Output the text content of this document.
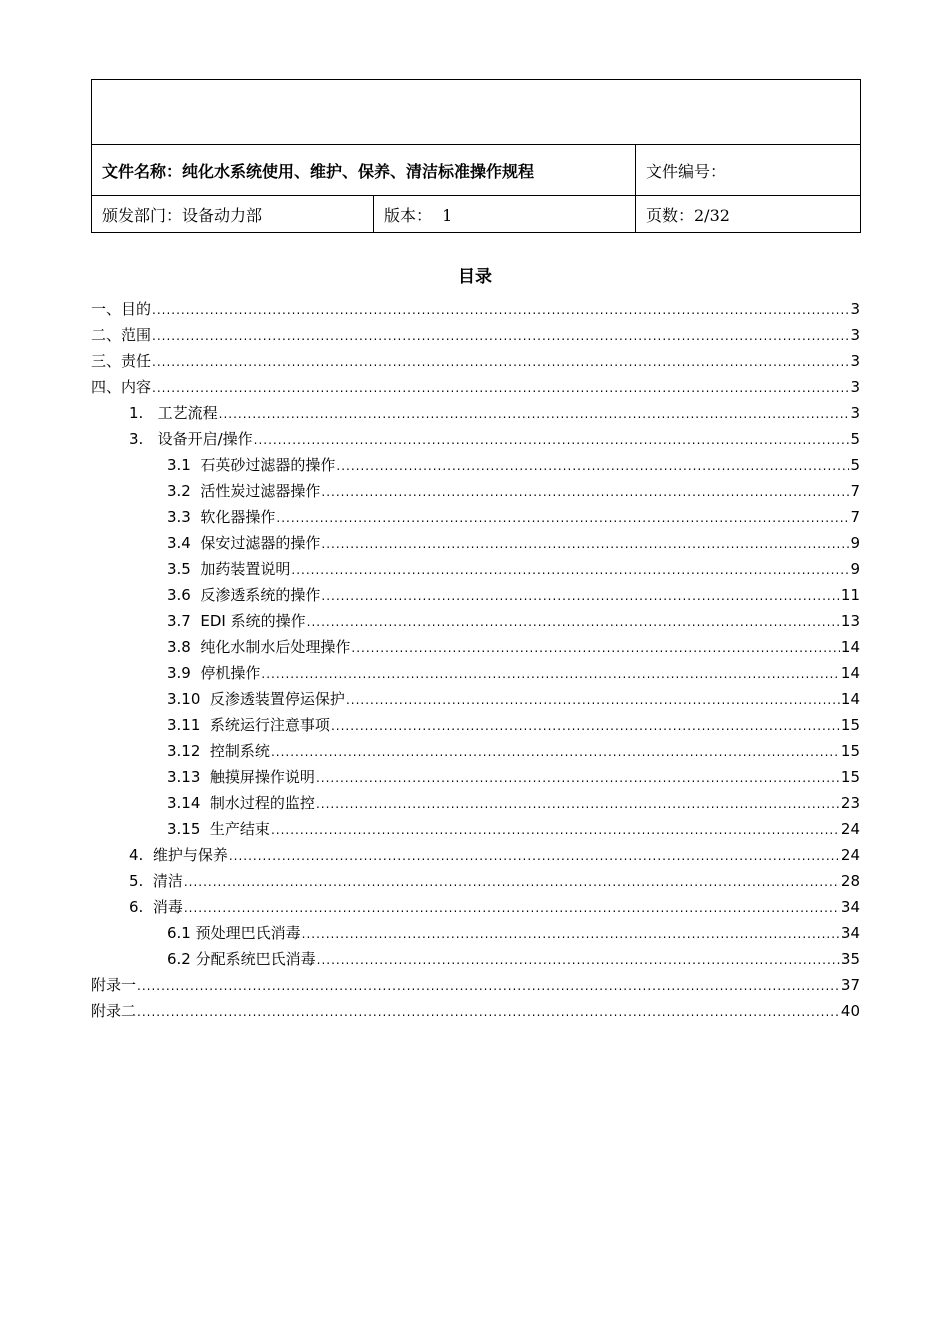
文件名称：纯化水系统使用、维护、保养、清洁标准操作规程		文件编号：
颁发部门：设备动力部	版本：  1	页数：2/32
目录
一、目的 .....	3
二、范围 .....	3
三、责任 .....	3
四、内容 .....	3
1.   工艺流程 .....	3
3.   设备开启/操作 .....	5
3.1  石英砂过滤器的操作 .....	5
3.2  活性炭过滤器操作 .....	7
3.3  软化器操作 .....	7
3.4  保安过滤器的操作 .....	9
3.5  加药装置说明 .....	9
3.6  反渗透系统的操作 .....	11
3.7  EDI 系统的操作 .....	13
3.8  纯化水制水后处理操作 .....	14
3.9  停机操作 .....	14
3.10  反渗透装置停运保护 .....	14
3.11  系统运行注意事项 .....	15
3.12  控制系统 .....	15
3.13  触摸屏操作说明 .....	15
3.14  制水过程的监控 .....	23
3.15  生产结束 .....	24
4.  维护与保养 .....	24
5.  清洁 .....	28
6.  消毒 .....	34
6.1 预处理巴氏消毒 .....	34
6.2 分配系统巴氏消毒 .....	35
附录一 .....	37
附录二 .....	40
